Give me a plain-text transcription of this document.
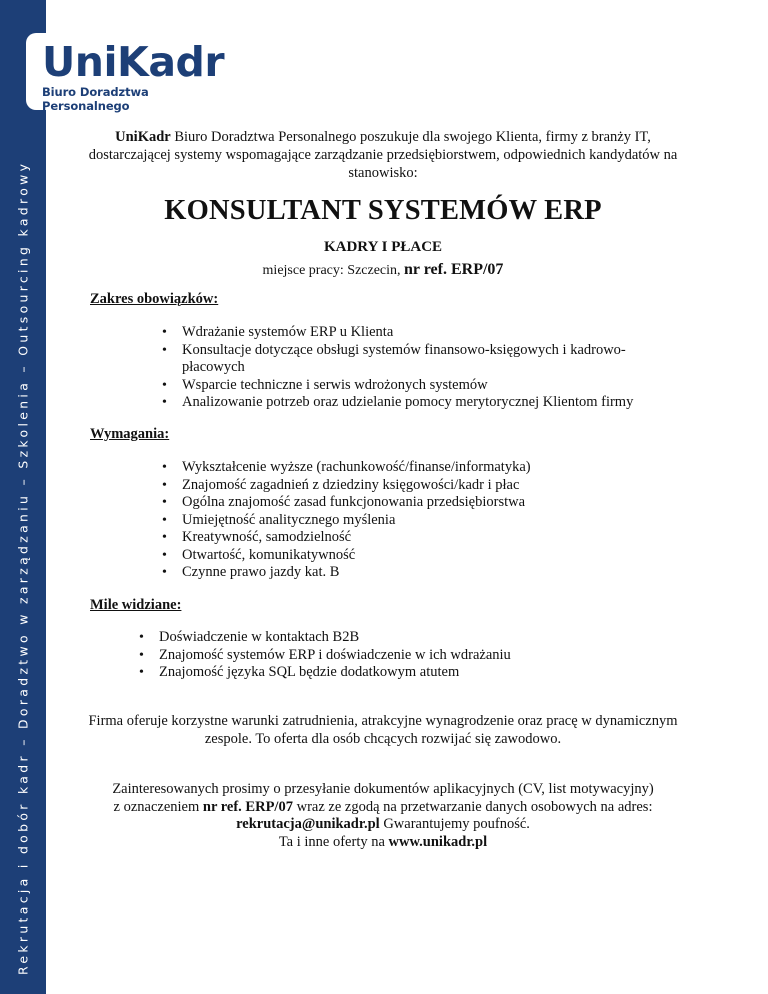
Rekrutacja i dobór kadr – Doradztwo w zarządzaniu – Szkolenia – Outsourcing kadrowy
UniKadr
Biuro Doradztwa Personalnego
UniKadr Biuro Doradztwa Personalnego poszukuje dla swojego Klienta, firmy z branży IT, dostarczającej systemy wspomagające zarządzanie przedsiębiorstwem, odpowiednich kandydatów na stanowisko:
KONSULTANT SYSTEMÓW ERP
KADRY I PŁACE
miejsce pracy: Szczecin, nr ref. ERP/07
Zakres obowiązków:
• Wdrażanie systemów ERP u Klienta
• Konsultacje dotyczące obsługi systemów finansowo-księgowych i kadrowo-płacowych
• Wsparcie techniczne i serwis wdrożonych systemów
• Analizowanie potrzeb oraz udzielanie pomocy merytorycznej Klientom firmy
Wymagania:
• Wykształcenie wyższe (rachunkowość/finanse/informatyka)
• Znajomość zagadnień z dziedziny księgowości/kadr i płac
• Ogólna znajomość zasad funkcjonowania przedsiębiorstwa
• Umiejętność analitycznego myślenia
• Kreatywność, samodzielność
• Otwartość, komunikatywność
• Czynne prawo jazdy kat. B
Mile widziane:
• Doświadczenie w kontaktach B2B
• Znajomość systemów ERP i doświadczenie w ich wdrażaniu
• Znajomość języka SQL będzie dodatkowym atutem
Firma oferuje korzystne warunki zatrudnienia, atrakcyjne wynagrodzenie oraz pracę w dynamicznym zespole. To oferta dla osób chcących rozwijać się zawodowo.
Zainteresowanych prosimy o przesyłanie dokumentów aplikacyjnych (CV, list motywacyjny)
z oznaczeniem nr ref. ERP/07 wraz ze zgodą na przetwarzanie danych osobowych na adres:
rekrutacja@unikadr.pl Gwarantujemy poufność.
Ta i inne oferty na www.unikadr.pl
